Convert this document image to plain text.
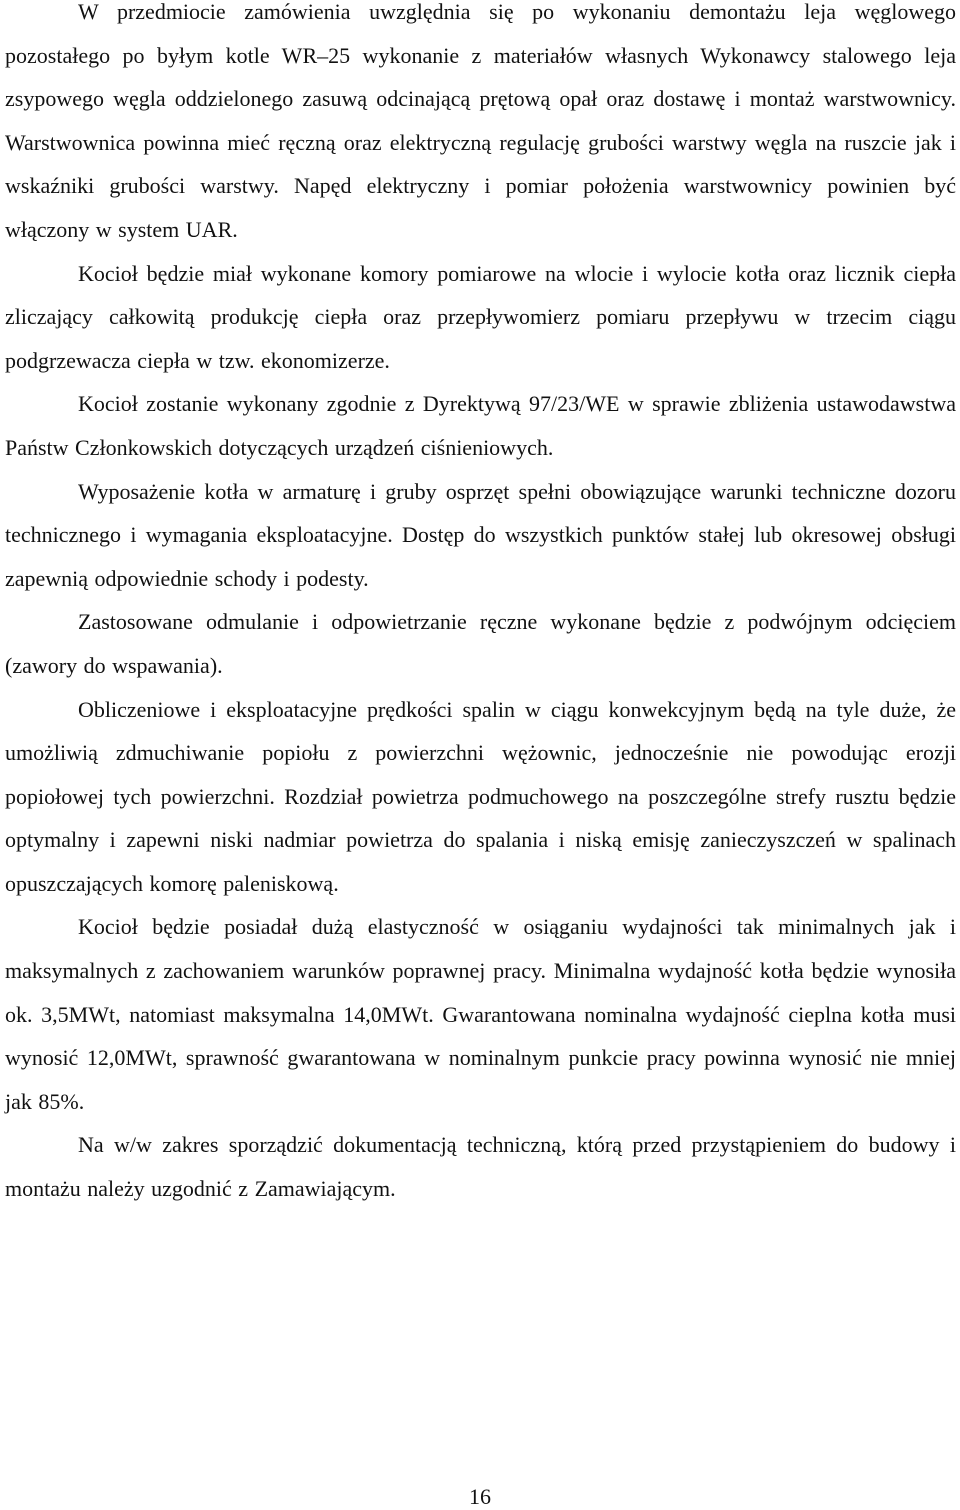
W przedmiocie zamówienia uwzględnia się po wykonaniu demontażu leja węglowego pozostałego po byłym kotle WR–25 wykonanie z materiałów własnych Wykonawcy stalowego leja zsypowego węgla oddzielonego zasuwą odcinającą prętową opał oraz dostawę i montaż warstwownicy. Warstwownica powinna mieć ręczną oraz elektryczną regulację grubości warstwy węgla na ruszcie jak i wskaźniki grubości warstwy. Napęd elektryczny i pomiar położenia warstwownicy powinien być włączony w system UAR.

Kocioł będzie miał wykonane komory pomiarowe na wlocie i wylocie kotła oraz licznik ciepła zliczający całkowitą produkcję ciepła oraz przepływomierz pomiaru przepływu w trzecim ciągu podgrzewacza ciepła w tzw. ekonomizerze.

Kocioł zostanie wykonany zgodnie z Dyrektywą 97/23/WE w sprawie zbliżenia ustawodawstwa Państw Członkowskich dotyczących urządzeń ciśnieniowych.

Wyposażenie kotła w armaturę i gruby osprzęt spełni obowiązujące warunki techniczne dozoru technicznego i wymagania eksploatacyjne. Dostęp do wszystkich punktów stałej lub okresowej obsługi zapewnią odpowiednie schody i podesty.

Zastosowane odmulanie i odpowietrzanie ręczne wykonane będzie z podwójnym odcięciem (zawory do wspawania).

Obliczeniowe i eksploatacyjne prędkości spalin w ciągu konwekcyjnym będą na tyle duże, że umożliwią zdmuchiwanie popiołu z powierzchni wężownic, jednocześnie nie powodując erozji popiołowej tych powierzchni. Rozdział powietrza podmuchowego na poszczególne strefy rusztu będzie optymalny i zapewni niski nadmiar powietrza do spalania i niską emisję zanieczyszczeń w spalinach opuszczających komorę paleniskową.

Kocioł będzie posiadał dużą elastyczność w osiąganiu wydajności tak minimalnych jak i maksymalnych z zachowaniem warunków poprawnej pracy. Minimalna wydajność kotła będzie wynosiła ok. 3,5MWt, natomiast maksymalna 14,0MWt. Gwarantowana nominalna wydajność cieplna kotła musi wynosić 12,0MWt, sprawność gwarantowana w nominalnym punkcie pracy powinna wynosić nie mniej jak 85%.

Na w/w zakres sporządzić dokumentacją techniczną, którą przed przystąpieniem do budowy i montażu należy uzgodnić z Zamawiającym.

16
